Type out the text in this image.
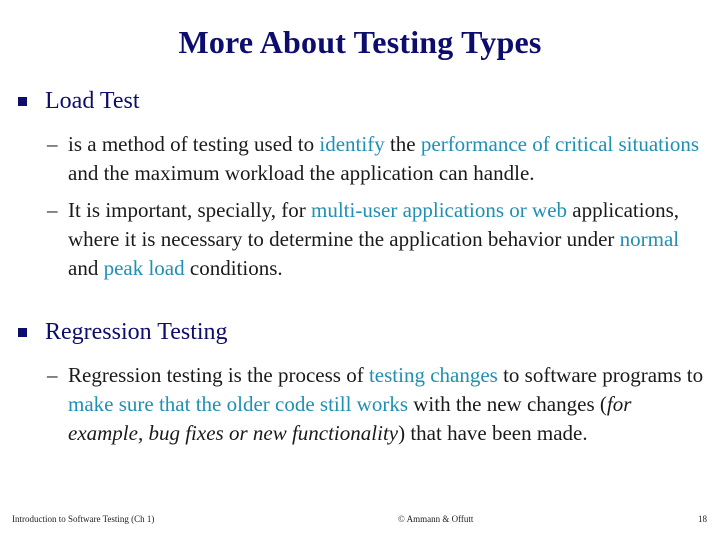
More About Testing Types
Load Test
– is a method of testing used to identify the performance of critical situations and the maximum workload the application can handle.
– It is important, specially, for multi-user applications or web applications, where it is necessary to determine the application behavior under normal and peak load conditions.
Regression Testing
– Regression testing is the process of testing changes to software programs to make sure that the older code still works with the new changes (for example, bug fixes or new functionality) that have been made.
Introduction to Software Testing (Ch 1)	© Ammann & Offutt	18
